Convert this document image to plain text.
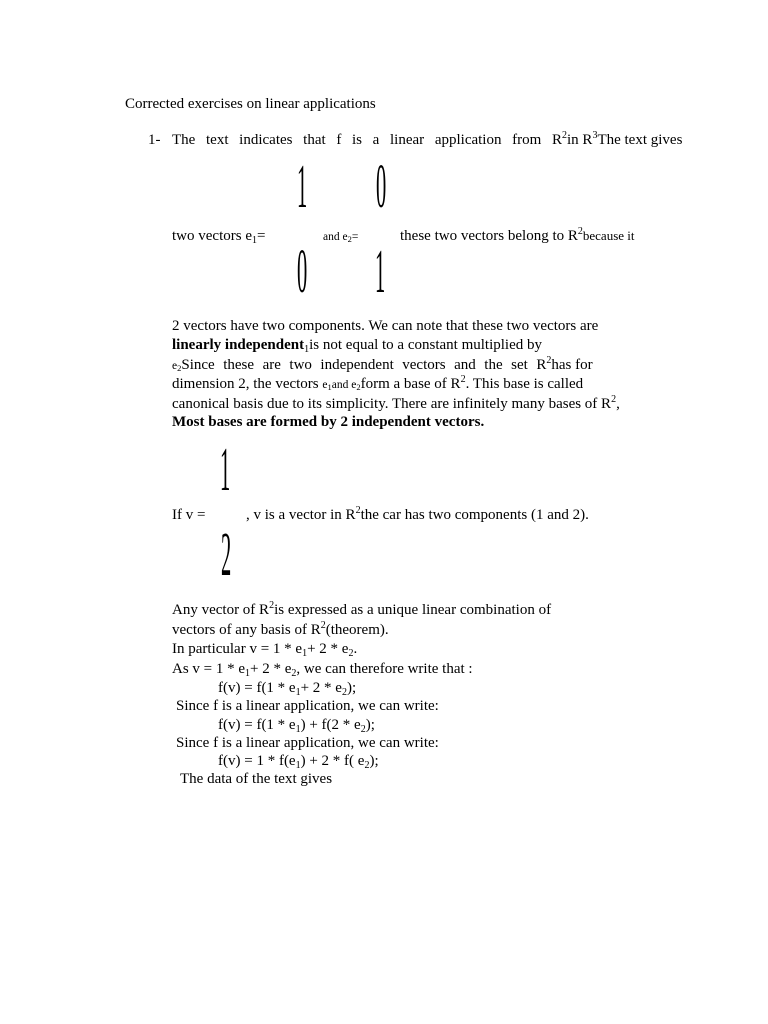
Corrected exercises on linear applications
1- The text indicates that f is a linear application from $R^2in$ $R^3The$ text gives
1
0
0
1
two vectors $e_1=$	and e2=	these two vectors belong to $R^2because$ it
2 vectors have two components. We can note that these two vectors are
linearly independent$_1$is not equal to a constant multiplied by
e2Since these are two independent vectors and the set $R^2has$ for
dimension 2, the vectors e1and e2form a base of $R^2$. This base is called
canonical basis due to its simplicity. There are infinitely many bases of $R^2$,
Most bases are formed by 2 independent vectors.
1
2
If v =	, v is a vector in $R^2the$ car has two components (1 and 2).
Any vector of $R^2is$ expressed as a unique linear combination of
vectors of any basis of $R^2(theorem)$.
In particular $v = 1 * e_1+ 2 * e_2$.
As $v = 1 * e_1+ 2 * e_2$, we can therefore write that :
$f(v) = f(1 * e_1+ 2 * e_2)$;
Since f is a linear application, we can write:
$f(v) = f(1 * e_1) + f(2 * e_2)$;
Since f is a linear application, we can write:
$f(v) = 1 * f(e_1) + 2 * f$( $e_2$);
The data of the text gives
